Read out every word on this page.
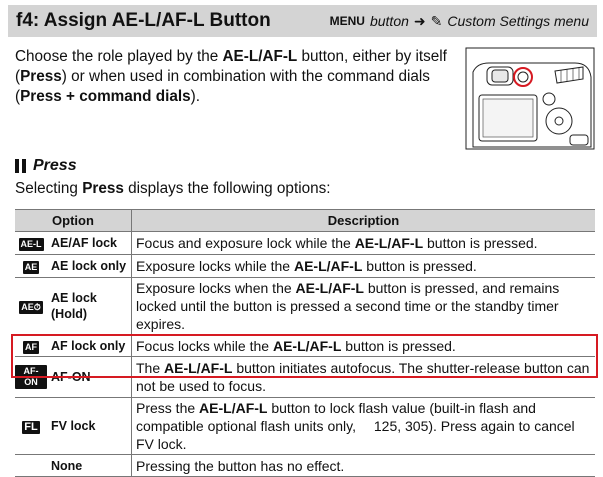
f4: Assign AE-L/AF-L Button	MENU button ➜ ✎ Custom Settings menu
Choose the role played by the AE-L/AF-L button, either by itself (Press) or when used in combination with the command dials (Press + command dials).
Press
Selecting Press displays the following options:
Option		Description
AE-L	AE/AF lock	Focus and exposure lock while the AE-L/AF-L button is pressed.
AE	AE lock only	Exposure locks while the AE-L/AF-L button is pressed.
AE⏱	AE lock (Hold)	Exposure locks when the AE-L/AF-L button is pressed, and remains locked until the button is pressed a second time or the standby timer expires.
AF	AF lock only	Focus locks while the AE-L/AF-L button is pressed.
AF-ON	AF-ON	The AE-L/AF-L button initiates autofocus. The shutter-release button can not be used to focus.
FL	FV lock	Press the AE-L/AF-L button to lock flash value (built-in flash and compatible optional flash units only,  125, 305). Press again to cancel FV lock.
	None	Pressing the button has no effect.
